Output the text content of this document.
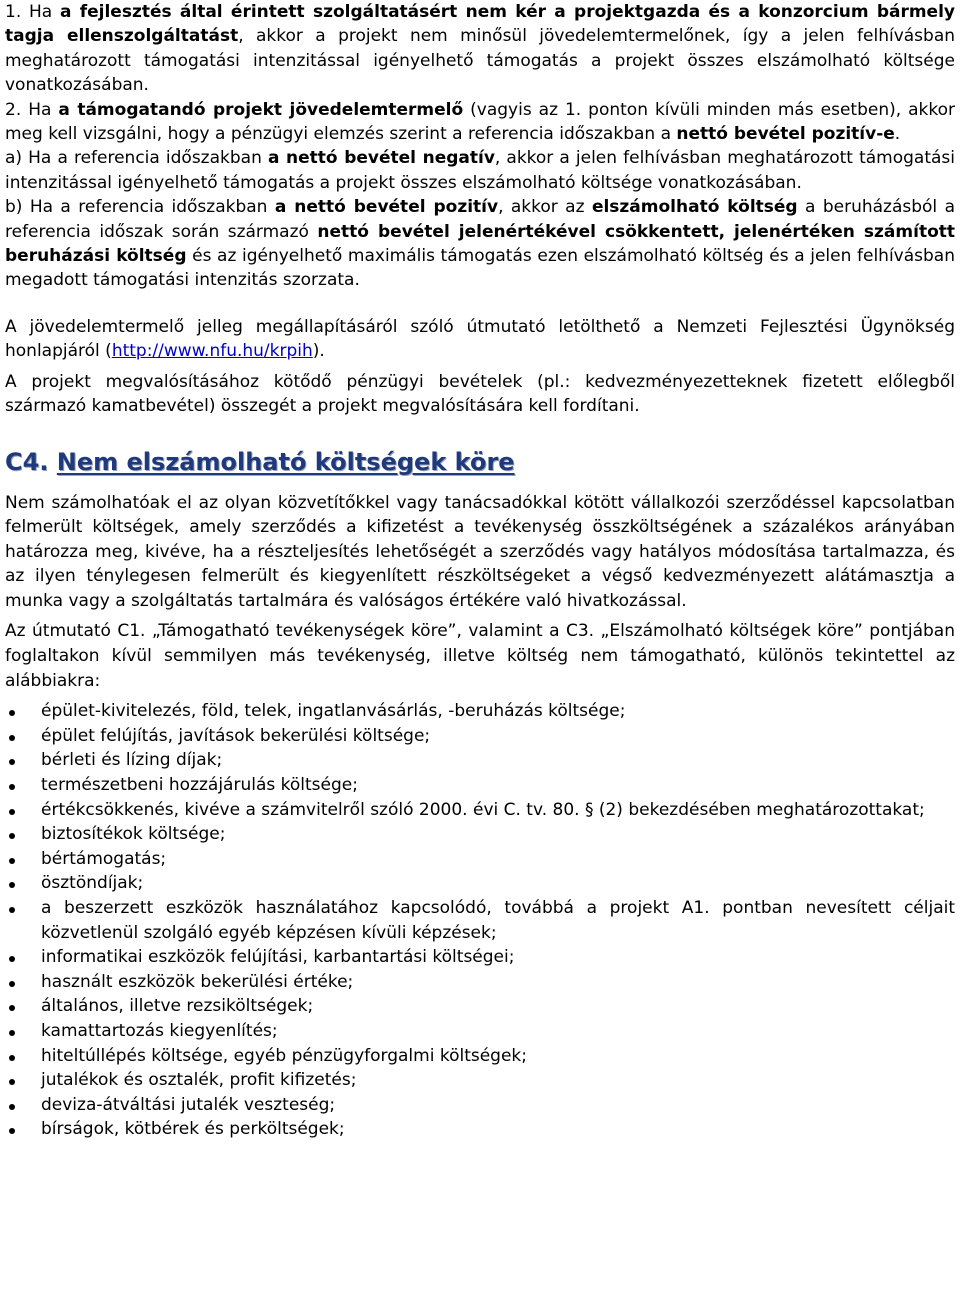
1. Ha a fejlesztés által érintett szolgáltatásért nem kér a projektgazda és a konzorcium bármely tagja ellenszolgáltatást, akkor a projekt nem minősül jövedelemtermelőnek, így a jelen felhívásban meghatározott támogatási intenzitással igényelhető támogatás a projekt összes elszámolható költsége vonatkozásában.

2. Ha a támogatandó projekt jövedelemtermelő (vagyis az 1. ponton kívüli minden más esetben), akkor meg kell vizsgálni, hogy a pénzügyi elemzés szerint a referencia időszakban a nettó bevétel pozitív-e.

a) Ha a referencia időszakban a nettó bevétel negatív, akkor a jelen felhívásban meghatározott támogatási intenzitással igényelhető támogatás a projekt összes elszámolható költsége vonatkozásában.

b) Ha a referencia időszakban a nettó bevétel pozitív, akkor az elszámolható költség a beruházásból a referencia időszak során származó nettó bevétel jelenértékével csökkentett, jelenértéken számított beruházási költség és az igényelhető maximális támogatás ezen elszámolható költség és a jelen felhívásban megadott támogatási intenzitás szorzata.

A jövedelemtermelő jelleg megállapításáról szóló útmutató letölthető a Nemzeti Fejlesztési Ügynökség honlapjáról (http://www.nfu.hu/krpih).

A projekt megvalósításához kötődő pénzügyi bevételek (pl.: kedvezményezetteknek fizetett előlegből származó kamatbevétel) összegét a projekt megvalósítására kell fordítani.

C4. Nem elszámolható költségek köre

Nem számolhatóak el az olyan közvetítőkkel vagy tanácsadókkal kötött vállalkozói szerződéssel kapcsolatban felmerült költségek, amely szerződés a kifizetést a tevékenység összköltségének a százalékos arányában határozza meg, kivéve, ha a részteljesítés lehetőségét a szerződés vagy hatályos módosítása tartalmazza, és az ilyen ténylegesen felmerült és kiegyenlített részköltségeket a végső kedvezményezett alátámasztja a munka vagy a szolgáltatás tartalmára és valóságos értékére való hivatkozással.

Az útmutató C1. „Támogatható tevékenységek köre”, valamint a C3. „Elszámolható költségek köre” pontjában foglaltakon kívül semmilyen más tevékenység, illetve költség nem támogatható, különös tekintettel az alábbiakra:

épület-kivitelezés, föld, telek, ingatlanvásárlás, -beruházás költsége;
épület felújítás, javítások bekerülési költsége;
bérleti és lízing díjak;
természetbeni hozzájárulás költsége;
értékcsökkenés, kivéve a számvitelről szóló 2000. évi C. tv. 80. § (2) bekezdésében meghatározottakat;
biztosítékok költsége;
bértámogatás;
ösztöndíjak;
a beszerzett eszközök használatához kapcsolódó, továbbá a projekt A1. pontban nevesített céljait közvetlenül szolgáló egyéb képzésen kívüli képzések;
informatikai eszközök felújítási, karbantartási költségei;
használt eszközök bekerülési értéke;
általános, illetve rezsiköltségek;
kamattartozás kiegyenlítés;
hiteltúllépés költsége, egyéb pénzügyforgalmi költségek;
jutalékok és osztalék, profit kifizetés;
deviza-átváltási jutalék veszteség;
bírságok, kötbérek és perköltségek;
